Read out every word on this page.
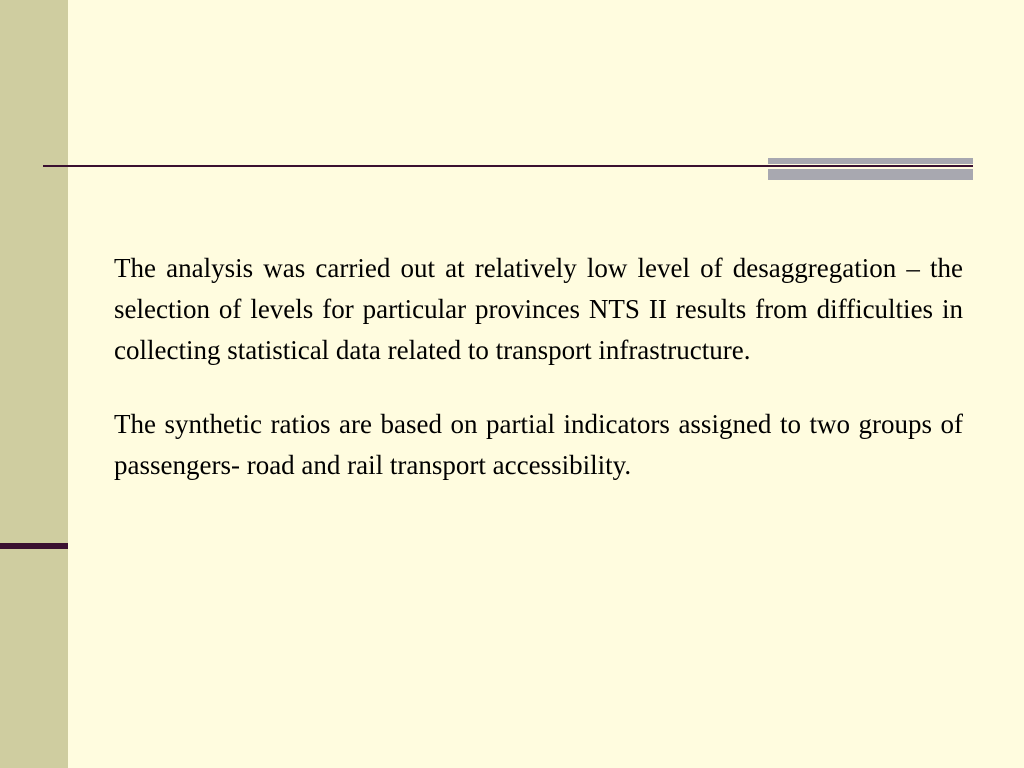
The analysis was carried out at relatively low level of desaggregation – the selection of levels for particular provinces NTS II results from difficulties in collecting statistical data related to transport infrastructure.

The synthetic ratios are based on partial indicators assigned to two groups of passengers- road and rail transport accessibility.
